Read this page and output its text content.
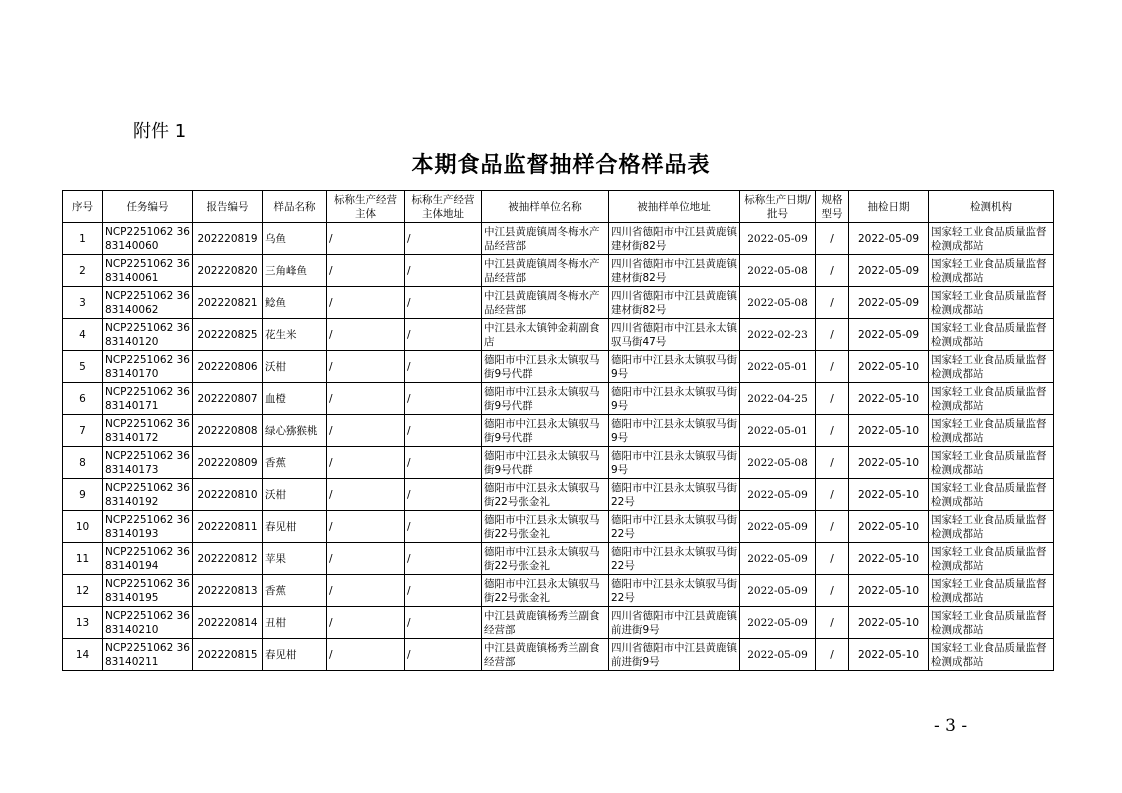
附件 1
本期食品监督抽样合格样品表
序号	任务编号	报告编号	样品名称	标称生产经营主体	标称生产经营主体地址	被抽样单位名称	被抽样单位地址	标称生产日期/批号	规格型号	抽检日期	检测机构
1	NCP2251062 3683140060	202220819	乌鱼	/	/	中江县黄鹿镇周冬梅水产品经营部	四川省德阳市中江县黄鹿镇建材街82号	2022-05-09	/	2022-05-09	国家轻工业食品质量监督检测成都站
2	NCP2251062 3683140061	202220820	三角峰鱼	/	/	中江县黄鹿镇周冬梅水产品经营部	四川省德阳市中江县黄鹿镇建材街82号	2022-05-08	/	2022-05-09	国家轻工业食品质量监督检测成都站
3	NCP2251062 3683140062	202220821	鲶鱼	/	/	中江县黄鹿镇周冬梅水产品经营部	四川省德阳市中江县黄鹿镇建材街82号	2022-05-08	/	2022-05-09	国家轻工业食品质量监督检测成都站
4	NCP2251062 3683140120	202220825	花生米	/	/	中江县永太镇钟金莉副食店	四川省德阳市中江县永太镇驭马街47号	2022-02-23	/	2022-05-09	国家轻工业食品质量监督检测成都站
5	NCP2251062 3683140170	202220806	沃柑	/	/	德阳市中江县永太镇驭马街9号代群	德阳市中江县永太镇驭马街9号	2022-05-01	/	2022-05-10	国家轻工业食品质量监督检测成都站
6	NCP2251062 3683140171	202220807	血橙	/	/	德阳市中江县永太镇驭马街9号代群	德阳市中江县永太镇驭马街9号	2022-04-25	/	2022-05-10	国家轻工业食品质量监督检测成都站
7	NCP2251062 3683140172	202220808	绿心猕猴桃	/	/	德阳市中江县永太镇驭马街9号代群	德阳市中江县永太镇驭马街9号	2022-05-01	/	2022-05-10	国家轻工业食品质量监督检测成都站
8	NCP2251062 3683140173	202220809	香蕉	/	/	德阳市中江县永太镇驭马街9号代群	德阳市中江县永太镇驭马街9号	2022-05-08	/	2022-05-10	国家轻工业食品质量监督检测成都站
9	NCP2251062 3683140192	202220810	沃柑	/	/	德阳市中江县永太镇驭马街22号张金礼	德阳市中江县永太镇驭马街22号	2022-05-09	/	2022-05-10	国家轻工业食品质量监督检测成都站
10	NCP2251062 3683140193	202220811	春见柑	/	/	德阳市中江县永太镇驭马街22号张金礼	德阳市中江县永太镇驭马街22号	2022-05-09	/	2022-05-10	国家轻工业食品质量监督检测成都站
11	NCP2251062 3683140194	202220812	苹果	/	/	德阳市中江县永太镇驭马街22号张金礼	德阳市中江县永太镇驭马街22号	2022-05-09	/	2022-05-10	国家轻工业食品质量监督检测成都站
12	NCP2251062 3683140195	202220813	香蕉	/	/	德阳市中江县永太镇驭马街22号张金礼	德阳市中江县永太镇驭马街22号	2022-05-09	/	2022-05-10	国家轻工业食品质量监督检测成都站
13	NCP2251062 3683140210	202220814	丑柑	/	/	中江县黄鹿镇杨秀兰副食经营部	四川省德阳市中江县黄鹿镇前进街9号	2022-05-09	/	2022-05-10	国家轻工业食品质量监督检测成都站
14	NCP2251062 3683140211	202220815	春见柑	/	/	中江县黄鹿镇杨秀兰副食经营部	四川省德阳市中江县黄鹿镇前进街9号	2022-05-09	/	2022-05-10	国家轻工业食品质量监督检测成都站
- 3 -
